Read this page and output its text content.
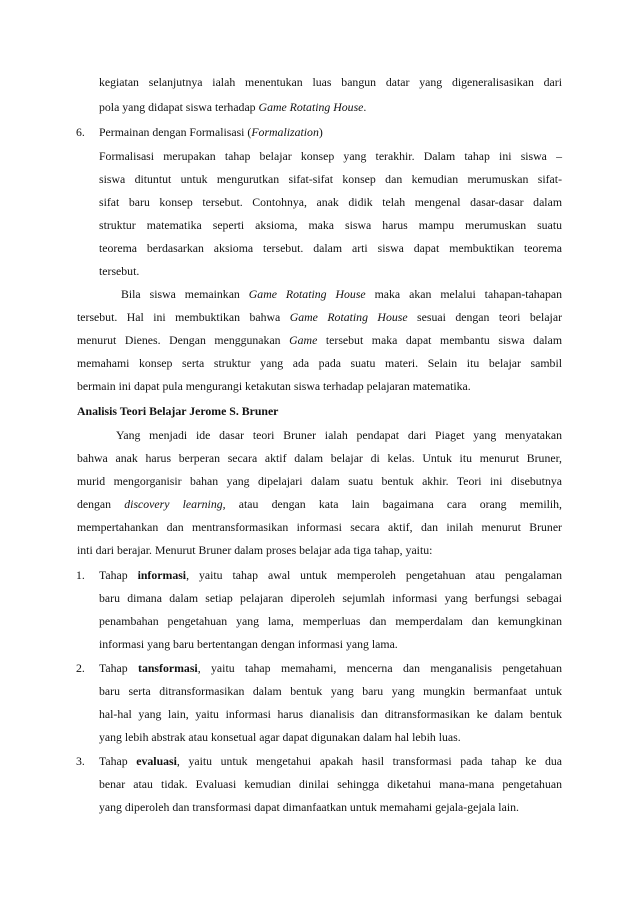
kegiatan selanjutnya ialah menentukan luas bangun datar yang digeneralisasikan dari
pola yang didapat siswa terhadap Game Rotating House.
6. Permainan dengan Formalisasi (Formalization)
Formalisasi merupakan tahap belajar konsep yang terakhir. Dalam tahap ini siswa –
siswa dituntut untuk mengurutkan sifat-sifat konsep dan kemudian merumuskan sifat-
sifat baru konsep tersebut. Contohnya, anak didik telah mengenal dasar-dasar dalam
struktur matematika seperti aksioma, maka siswa harus mampu merumuskan suatu
teorema berdasarkan aksioma tersebut. dalam arti siswa dapat membuktikan teorema
tersebut.
Bila siswa memainkan Game Rotating House maka akan melalui tahapan-tahapan
tersebut. Hal ini membuktikan bahwa Game Rotating House sesuai dengan teori belajar
menurut Dienes. Dengan menggunakan Game tersebut maka dapat membantu siswa dalam
memahami konsep serta struktur yang ada pada suatu materi. Selain itu belajar sambil
bermain ini dapat pula mengurangi ketakutan siswa terhadap pelajaran matematika.
Analisis Teori Belajar Jerome S. Bruner
Yang menjadi ide dasar teori Bruner ialah pendapat dari Piaget yang menyatakan
bahwa anak harus berperan secara aktif dalam belajar di kelas. Untuk itu menurut Bruner,
murid mengorganisir bahan yang dipelajari dalam suatu bentuk akhir. Teori ini disebutnya
dengan discovery learning, atau dengan kata lain bagaimana cara orang memilih,
mempertahankan dan mentransformasikan informasi secara aktif, dan inilah menurut Bruner
inti dari berajar. Menurut Bruner dalam proses belajar ada tiga tahap, yaitu:
1. Tahap informasi, yaitu tahap awal untuk memperoleh pengetahuan atau pengalaman
baru dimana dalam setiap pelajaran diperoleh sejumlah informasi yang berfungsi sebagai
penambahan pengetahuan yang lama, memperluas dan memperdalam dan kemungkinan
informasi yang baru bertentangan dengan informasi yang lama.
2. Tahap tansformasi, yaitu tahap memahami, mencerna dan menganalisis pengetahuan
baru serta ditransformasikan dalam bentuk yang baru yang mungkin bermanfaat untuk
hal-hal yang lain, yaitu informasi harus dianalisis dan ditransformasikan ke dalam bentuk
yang lebih abstrak atau konsetual agar dapat digunakan dalam hal lebih luas.
3. Tahap evaluasi, yaitu untuk mengetahui apakah hasil transformasi pada tahap ke dua
benar atau tidak. Evaluasi kemudian dinilai sehingga diketahui mana-mana pengetahuan
yang diperoleh dan transformasi dapat dimanfaatkan untuk memahami gejala-gejala lain.
